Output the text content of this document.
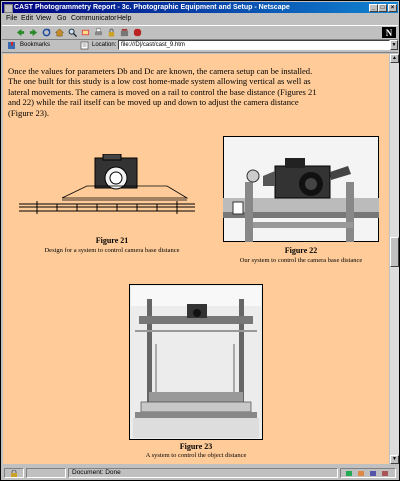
CAST Photogrammetry Report - 3c. Photographic Equipment and Setup - Netscape	_ □	×
File Edit View Go Communicator Help
N
Bookmarks	Location: file:///D|/cast/cast_9.htm	▼
Once the values for parameters Db and Dc are known, the camera setup can be installed.
The one built for this study is a low cost home-made system allowing vertical as well as
lateral movements. The camera is moved on a rail to control the base distance (Figures 21
and 22) while the rail itself can be moved up and down to adjust the camera distance
(Figure 23).
Figure 21
Design for a system to control camera base distance	Figure 22
Our system to control the camera base distance
Figure 23
A system to control the object distance
▲
▼
Document: Done
